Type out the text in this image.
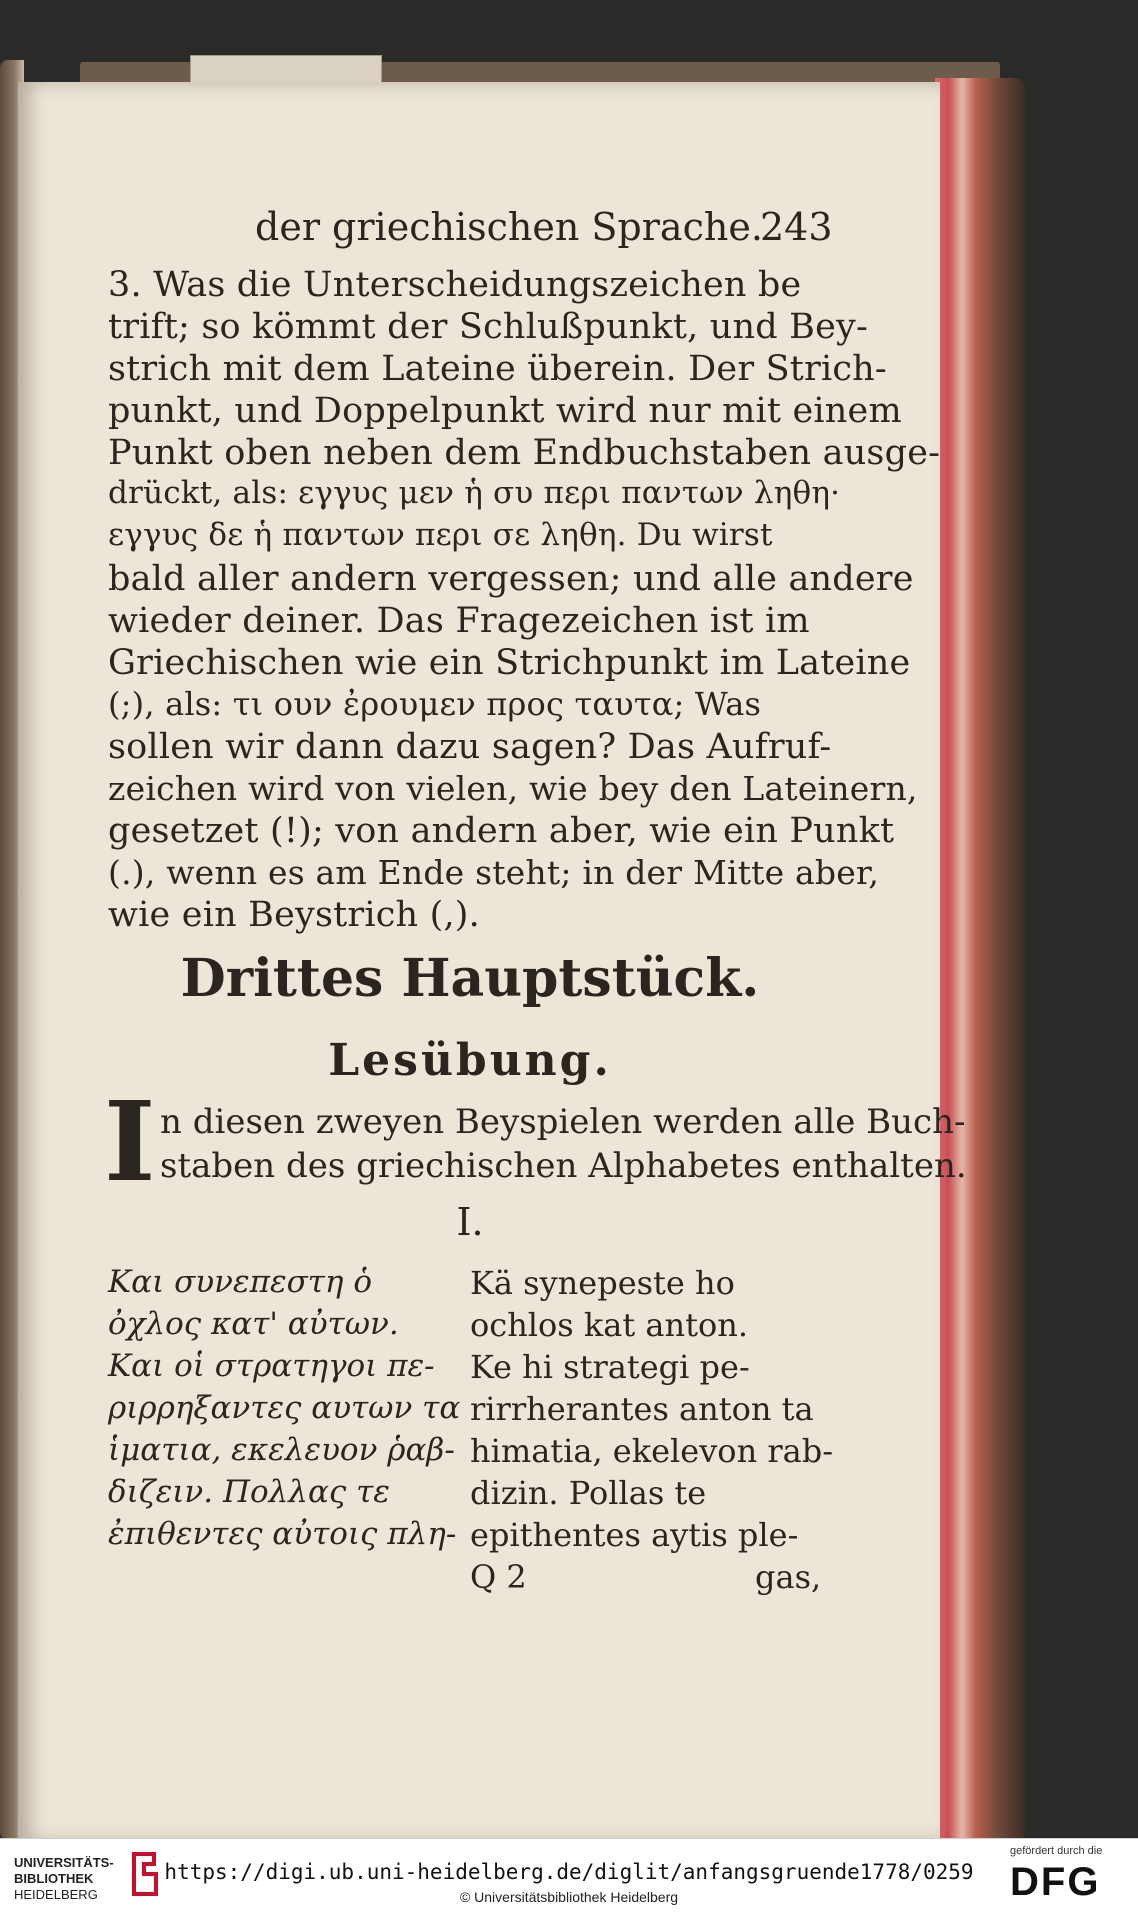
der griechischen Sprache.
243
3. Was die Unterscheidungszeichen be
trift; so kömmt der Schlußpunkt, und Bey-
strich mit dem Lateine überein. Der Strich-
punkt, und Doppelpunkt wird nur mit einem
Punkt oben neben dem Endbuchstaben ausge-
drückt, als: εγγυς μεν ἡ συ περι παντων ληθη·
εγγυς δε ἡ παντων περι σε ληθη. Du wirst
bald aller andern vergessen; und alle andere
wieder deiner. Das Fragezeichen ist im
Griechischen wie ein Strichpunkt im Lateine
(;), als: τι ουν ἐρουμεν προς ταυτα; Was
sollen wir dann dazu sagen? Das Aufruf-
zeichen wird von vielen, wie bey den Lateinern,
gesetzet (!); von andern aber, wie ein Punkt
(.), wenn es am Ende steht; in der Mitte aber,
wie ein Beystrich (,).
Drittes Hauptstück.
Lesübung.
I n diesen zweyen Beyspielen werden alle Buch-
staben des griechischen Alphabetes enthalten.
I.
Και συνεπεστη ὁ
ὀχλος κατ' αὐτων.
Και οἱ στρατηγοι πε-
ριρρηξαντες αυτων τα
ἱματια, εκελευον ῥαβ-
διζειν. Πολλας τε
ἐπιθεντες αὐτοις πλη-
Kä synepeste ho
ochlos kat anton.
Ke hi strategi pe-
rirrherantes anton ta
himatia, ekelevon rab-
dizin. Pollas te
epithentes aytis ple-
Q 2	gas,
UNIVERSITÄTS-
BIBLIOTHEK
HEIDELBERG
https://digi.ub.uni-heidelberg.de/diglit/anfangsgruende1778/0259
© Universitätsbibliothek Heidelberg
gefördert durch die
DFG
